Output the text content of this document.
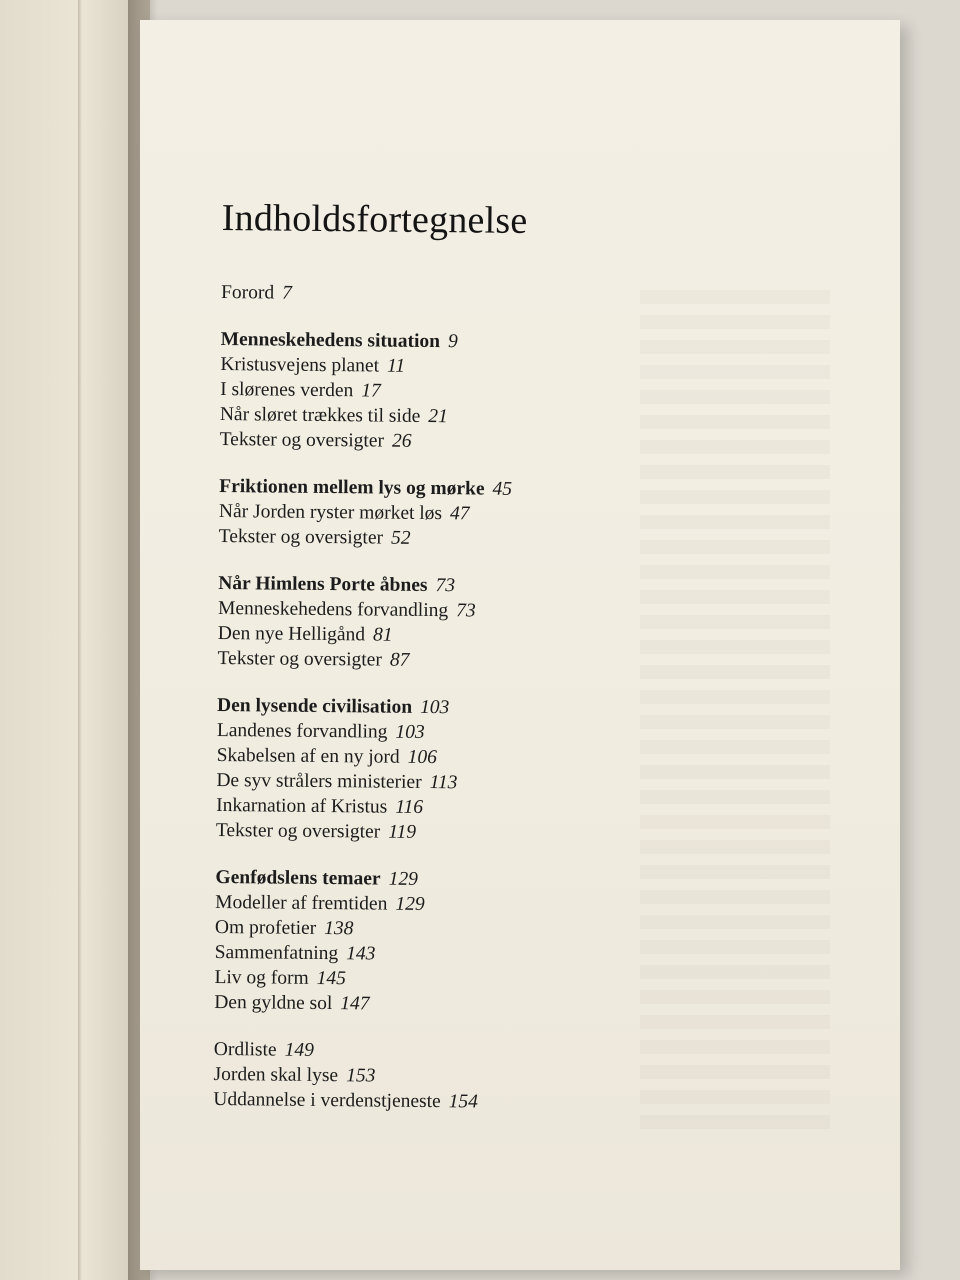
Indholdsfortegnelse
Forord 7
Menneskehedens situation 9
Kristusvejens planet 11
I slørenes verden 17
Når sløret trækkes til side 21
Tekster og oversigter 26
Friktionen mellem lys og mørke 45
Når Jorden ryster mørket løs 47
Tekster og oversigter 52
Når Himlens Porte åbnes 73
Menneskehedens forvandling 73
Den nye Helligånd 81
Tekster og oversigter 87
Den lysende civilisation 103
Landenes forvandling 103
Skabelsen af en ny jord 106
De syv strålers ministerier 113
Inkarnation af Kristus 116
Tekster og oversigter 119
Genfødslens temaer 129
Modeller af fremtiden 129
Om profetier 138
Sammenfatning 143
Liv og form 145
Den gyldne sol 147
Ordliste 149
Jorden skal lyse 153
Uddannelse i verdenstjeneste 154
